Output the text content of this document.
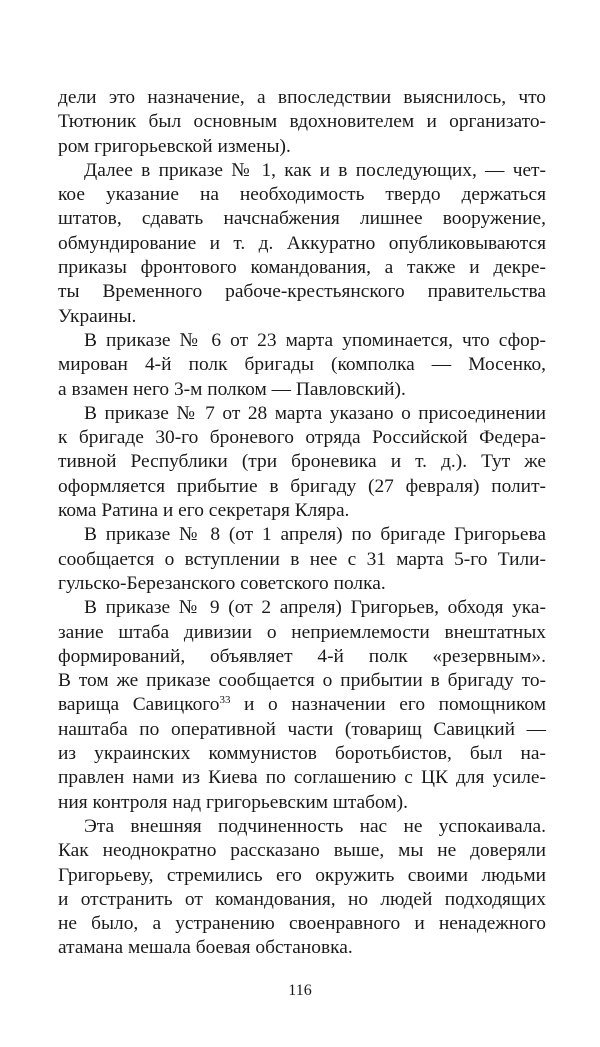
дели это назначение, а впоследствии выяснилось, что
Тютюник был основным вдохновителем и организато-
ром григорьевской измены).
Далее в приказе № 1, как и в последующих, — чет-
кое указание на необходимость твердо держаться
штатов, сдавать начснабжения лишнее вооружение,
обмундирование и т. д. Аккуратно опубликовываются
приказы фронтового командования, а также и декре-
ты Временного рабоче-крестьянского правительства
Украины.
В приказе № 6 от 23 марта упоминается, что сфор-
мирован 4-й полк бригады (комполка — Мосенко,
а взамен него 3-м полком — Павловский).
В приказе № 7 от 28 марта указано о присоединении
к бригаде 30-го броневого отряда Российской Федера-
тивной Республики (три броневика и т. д.). Тут же
оформляется прибытие в бригаду (27 февраля) полит-
кома Ратина и его секретаря Кляра.
В приказе № 8 (от 1 апреля) по бригаде Григорьева
сообщается о вступлении в нее с 31 марта 5-го Тили-
гульско-Березанского советского полка.
В приказе № 9 (от 2 апреля) Григорьев, обходя ука-
зание штаба дивизии о неприемлемости внештатных
формирований, объявляет 4-й полк «резервным».
В том же приказе сообщается о прибытии в бригаду то-
варища Савицкого$^{33}$ и о назначении его помощником
наштаба по оперативной части (товарищ Савицкий —
из украинских коммунистов боротьбистов, был на-
правлен нами из Киева по соглашению с ЦК для усиле-
ния контроля над григорьевским штабом).
Эта внешняя подчиненность нас не успокаивала.
Как неоднократно рассказано выше, мы не доверяли
Григорьеву, стремились его окружить своими людьми
и отстранить от командования, но людей подходящих
не было, а устранению своенравного и ненадежного
атамана мешала боевая обстановка.
116
